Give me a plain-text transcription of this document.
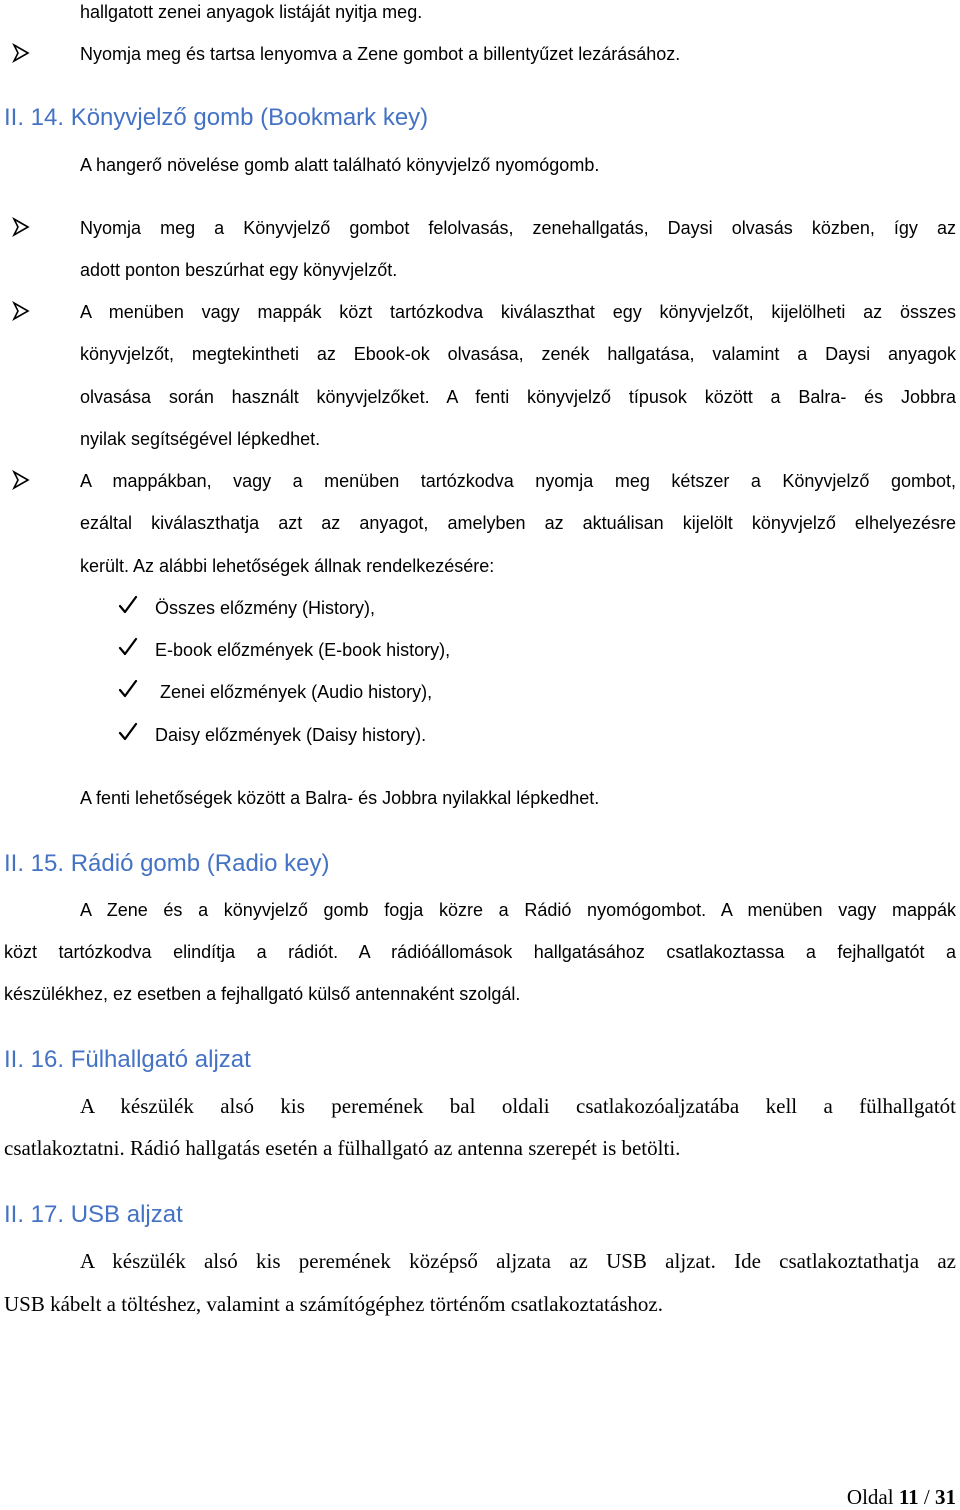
hallgatott zenei anyagok listáját nyitja meg.
Nyomja meg és tartsa lenyomva a Zene gombot a billentyűzet lezárásához.
II. 14. Könyvjelző gomb (Bookmark key)
A hangerő növelése gomb alatt található könyvjelző nyomógomb.
Nyomja meg a Könyvjelző gombot felolvasás, zenehallgatás, Daysi olvasás közben, így az
adott ponton beszúrhat egy könyvjelzőt.
A menüben vagy mappák közt tartózkodva kiválaszthat egy könyvjelzőt, kijelölheti az összes
könyvjelzőt, megtekintheti az Ebook-ok olvasása, zenék hallgatása, valamint a Daysi anyagok
olvasása során használt könyvjelzőket. A fenti könyvjelző típusok között a Balra- és Jobbra
nyilak segítségével lépkedhet.
A mappákban, vagy a menüben tartózkodva nyomja meg kétszer a Könyvjelző gombot,
ezáltal kiválaszthatja azt az anyagot, amelyben az aktuálisan kijelölt könyvjelző elhelyezésre
került. Az alábbi lehetőségek állnak rendelkezésére:
Összes előzmény (History),
E-book előzmények (E-book history),
Zenei előzmények (Audio history),
Daisy előzmények (Daisy history).
A fenti lehetőségek között a Balra- és Jobbra nyilakkal lépkedhet.
II. 15. Rádió gomb (Radio key)
A Zene és a könyvjelző gomb fogja közre a Rádió nyomógombot. A menüben vagy mappák
közt tartózkodva elindítja a rádiót. A rádióállomások hallgatásához csatlakoztassa a fejhallgatót a
készülékhez, ez esetben a fejhallgató külső antennaként szolgál.
II. 16. Fülhallgató aljzat
A készülék alsó kis peremének bal oldali csatlakozóaljzatába kell a fülhallgatót
csatlakoztatni. Rádió hallgatás esetén a fülhallgató az antenna szerepét is betölti.
II. 17. USB aljzat
A készülék alsó kis peremének középső aljzata az USB aljzat. Ide csatlakoztathatja az
USB kábelt a töltéshez, valamint a számítógéphez történőm csatlakoztatáshoz.
Oldal 11 / 31
